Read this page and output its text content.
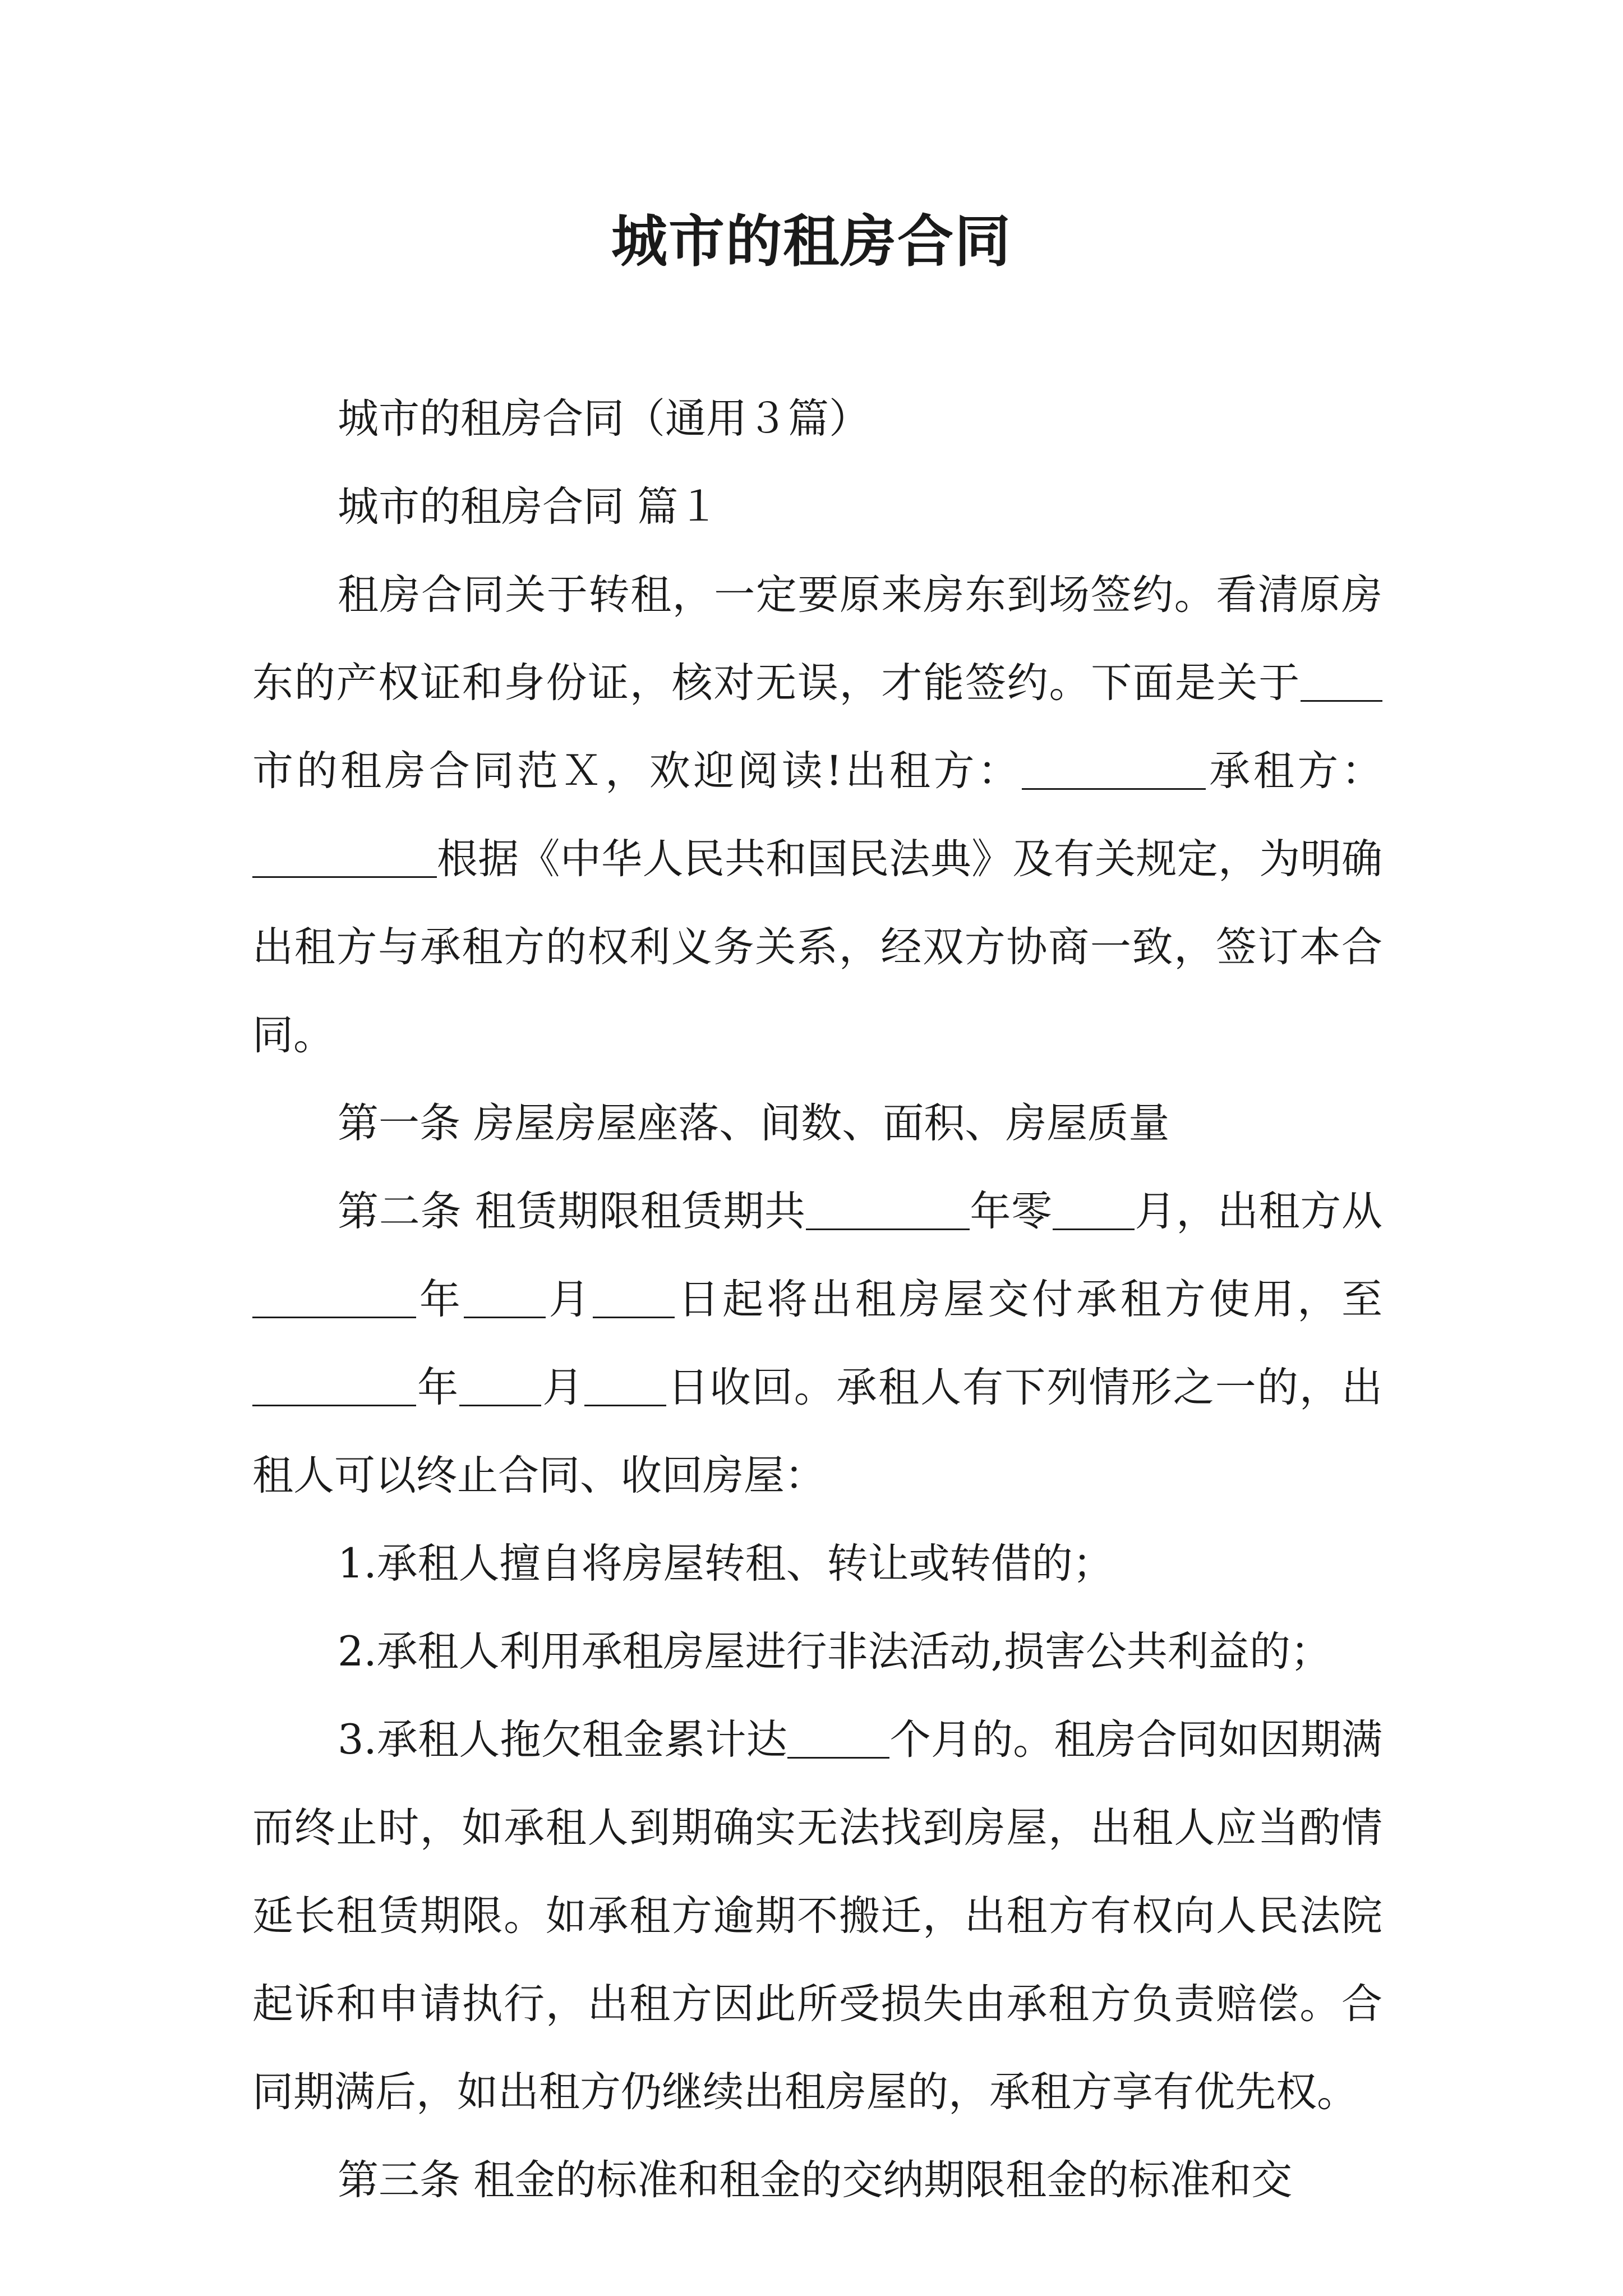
城市的租房合同

城市的租房合同（通用３篇）

城市的租房合同 篇１

租房合同关于转租，一定要原来房东到场签约。看清原房东的产权证和身份证，核对无误，才能签约。下面是关于市的租房合同范Ｘ，欢迎阅读!出租方：	承租方：根据《中华人民共和国民法典》及有关规定，为明确出租方与承租方的权利义务关系，经双方协商一致，签订本合同。

第一条 房屋房屋座落、间数、面积、房屋质量

第二条 租赁期限租赁期共	年零 月，出租方从年 月 日起将出租房屋交付承租方使用，至年 月 日收回。承租人有下列情形之一的，出租人可以终止合同、收回房屋：

1.承租人擅自将房屋转租、转让或转借的；

2.承租人利用承租房屋进行非法活动,损害公共利益的；

3.承租人拖欠租金累计达	个月的。租房合同如因期满而终止时，如承租人到期确实无法找到房屋，出租人应当酌情延长租赁期限。如承租方逾期不搬迁，出租方有权向人民法院起诉和申请执行，出租方因此所受损失由承租方负责赔偿。合同期满后，如出租方仍继续出租房屋的，承租方享有优先权。

第三条 租金的标准和租金的交纳期限租金的标准和交
